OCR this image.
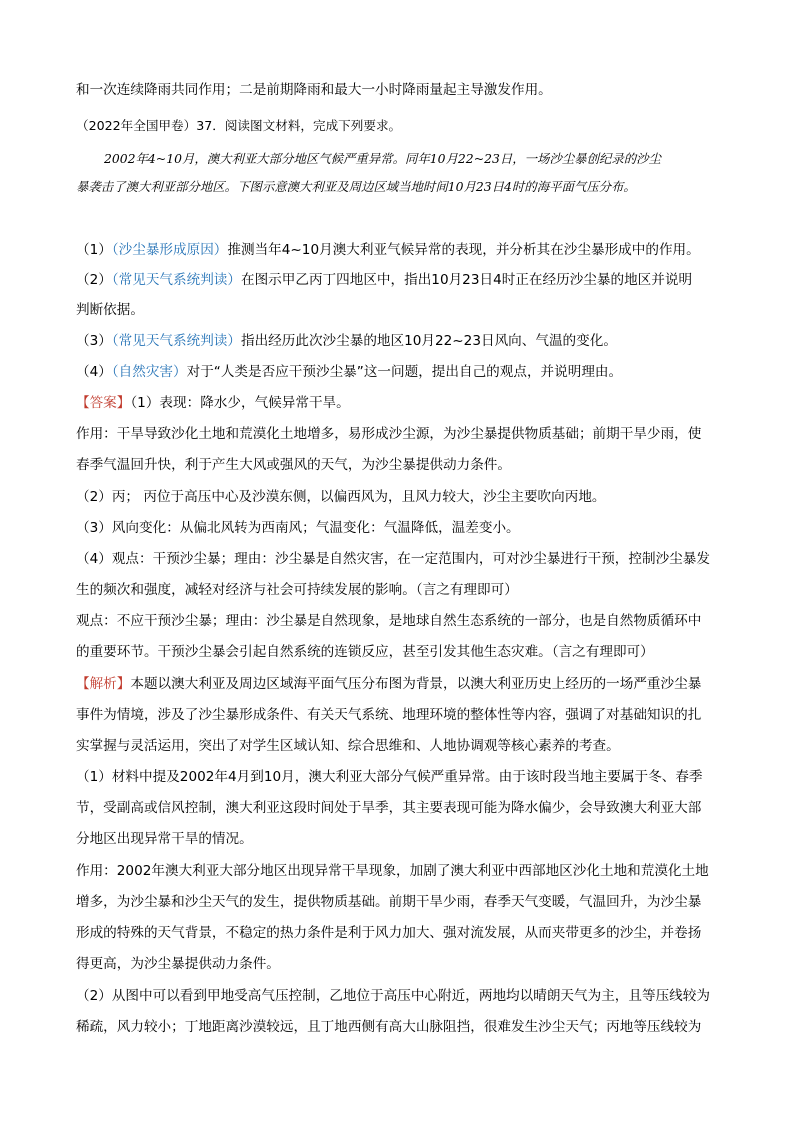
和一次连续降雨共同作用；二是前期降雨和最大一小时降雨量起主导激发作用。
（2022年全国甲卷）37．阅读图文材料，完成下列要求。
2002年4~10月，澳大利亚大部分地区气候严重异常。同年10月22~23日，一场沙尘暴创纪录的沙尘
暴袭击了澳大利亚部分地区。下图示意澳大利亚及周边区域当地时间10月23日4时的海平面气压分布。
（1）（沙尘暴形成原因）推测当年4~10月澳大利亚气候异常的表现，并分析其在沙尘暴形成中的作用。
（2）（常见天气系统判读）在图示甲乙丙丁四地区中，指出10月23日4时正在经历沙尘暴的地区并说明
判断依据。
（3）（常见天气系统判读）指出经历此次沙尘暴的地区10月22~23日风向、气温的变化。
（4）（自然灾害）对于“人类是否应干预沙尘暴”这一问题，提出自己的观点，并说明理由。
【答案】（1）表现：降水少，气候异常干旱。
作用：干旱导致沙化土地和荒漠化土地增多，易形成沙尘源，为沙尘暴提供物质基础；前期干旱少雨，使
春季气温回升快，利于产生大风或强风的天气，为沙尘暴提供动力条件。
（2）丙； 丙位于高压中心及沙漠东侧，以偏西风为，且风力较大，沙尘主要吹向丙地。
（3）风向变化：从偏北风转为西南风；气温变化：气温降低，温差变小。
（4）观点：干预沙尘暴；理由：沙尘暴是自然灾害，在一定范围内，可对沙尘暴进行干预，控制沙尘暴发
生的频次和强度，减轻对经济与社会可持续发展的影响。（言之有理即可）
观点：不应干预沙尘暴；理由：沙尘暴是自然现象，是地球自然生态系统的一部分，也是自然物质循环中
的重要环节。干预沙尘暴会引起自然系统的连锁反应，甚至引发其他生态灾难。（言之有理即可）
【解析】本题以澳大利亚及周边区域海平面气压分布图为背景，以澳大利亚历史上经历的一场严重沙尘暴
事件为情境，涉及了沙尘暴形成条件、有关天气系统、地理环境的整体性等内容，强调了对基础知识的扎
实掌握与灵活运用，突出了对学生区域认知、综合思维和、人地协调观等核心素养的考查。
（1）材料中提及2002年4月到10月，澳大利亚大部分气候严重异常。由于该时段当地主要属于冬、春季
节，受副高或信风控制，澳大利亚这段时间处于旱季，其主要表现可能为降水偏少，会导致澳大利亚大部
分地区出现异常干旱的情况。
作用：2002年澳大利亚大部分地区出现异常干旱现象，加剧了澳大利亚中西部地区沙化土地和荒漠化土地
增多，为沙尘暴和沙尘天气的发生，提供物质基础。前期干旱少雨，春季天气变暖，气温回升，为沙尘暴
形成的特殊的天气背景，不稳定的热力条件是利于风力加大、强对流发展，从而夹带更多的沙尘，并卷扬
得更高，为沙尘暴提供动力条件。
（2）从图中可以看到甲地受高气压控制，乙地位于高压中心附近，两地均以晴朗天气为主，且等压线较为
稀疏，风力较小；丁地距离沙漠较远，且丁地西侧有高大山脉阻挡，很难发生沙尘天气；丙地等压线较为
